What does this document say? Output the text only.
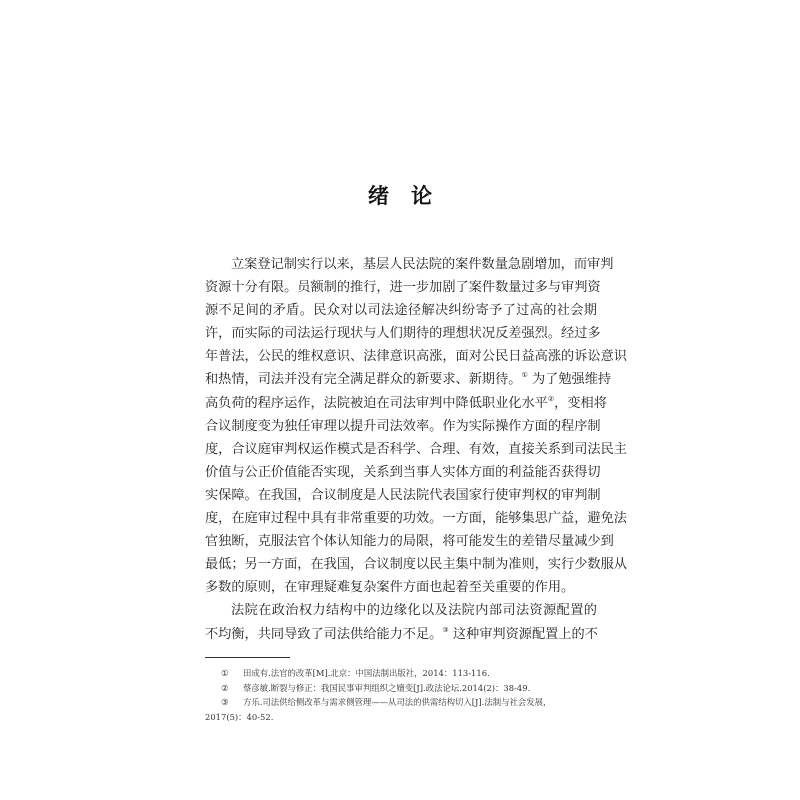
绪论
立案登记制实行以来，基层人民法院的案件数量急剧增加，而审判
资源十分有限。员额制的推行，进一步加剧了案件数量过多与审判资
源不足间的矛盾。民众对以司法途径解决纠纷寄予了过高的社会期
许，而实际的司法运行现状与人们期待的理想状况反差强烈。经过多
年普法，公民的维权意识、法律意识高涨，面对公民日益高涨的诉讼意识
和热情，司法并没有完全满足群众的新要求、新期待。① 为了勉强维持
高负荷的程序运作，法院被迫在司法审判中降低职业化水平②，变相将
合议制度变为独任审理以提升司法效率。作为实际操作方面的程序制
度，合议庭审判权运作模式是否科学、合理、有效，直接关系到司法民主
价值与公正价值能否实现，关系到当事人实体方面的利益能否获得切
实保障。在我国，合议制度是人民法院代表国家行使审判权的审判制
度，在庭审过程中具有非常重要的功效。一方面，能够集思广益，避免法
官独断，克服法官个体认知能力的局限，将可能发生的差错尽量减少到
最低；另一方面，在我国，合议制度以民主集中制为准则，实行少数服从
多数的原则，在审理疑难复杂案件方面也起着至关重要的作用。
法院在政治权力结构中的边缘化以及法院内部司法资源配置的
不均衡，共同导致了司法供给能力不足。③ 这种审判资源配置上的不
① 田成有.法官的改革[M].北京：中国法制出版社，2014：113-116.
② 蔡彦敏.断裂与修正：我国民事审判组织之嬗变[J].政法论坛.2014(2)：38-49.
③ 方乐.司法供给侧改革与需求侧管理——从司法的供需结构切入[J].法制与社会发展，
2017(5)：40-52.
